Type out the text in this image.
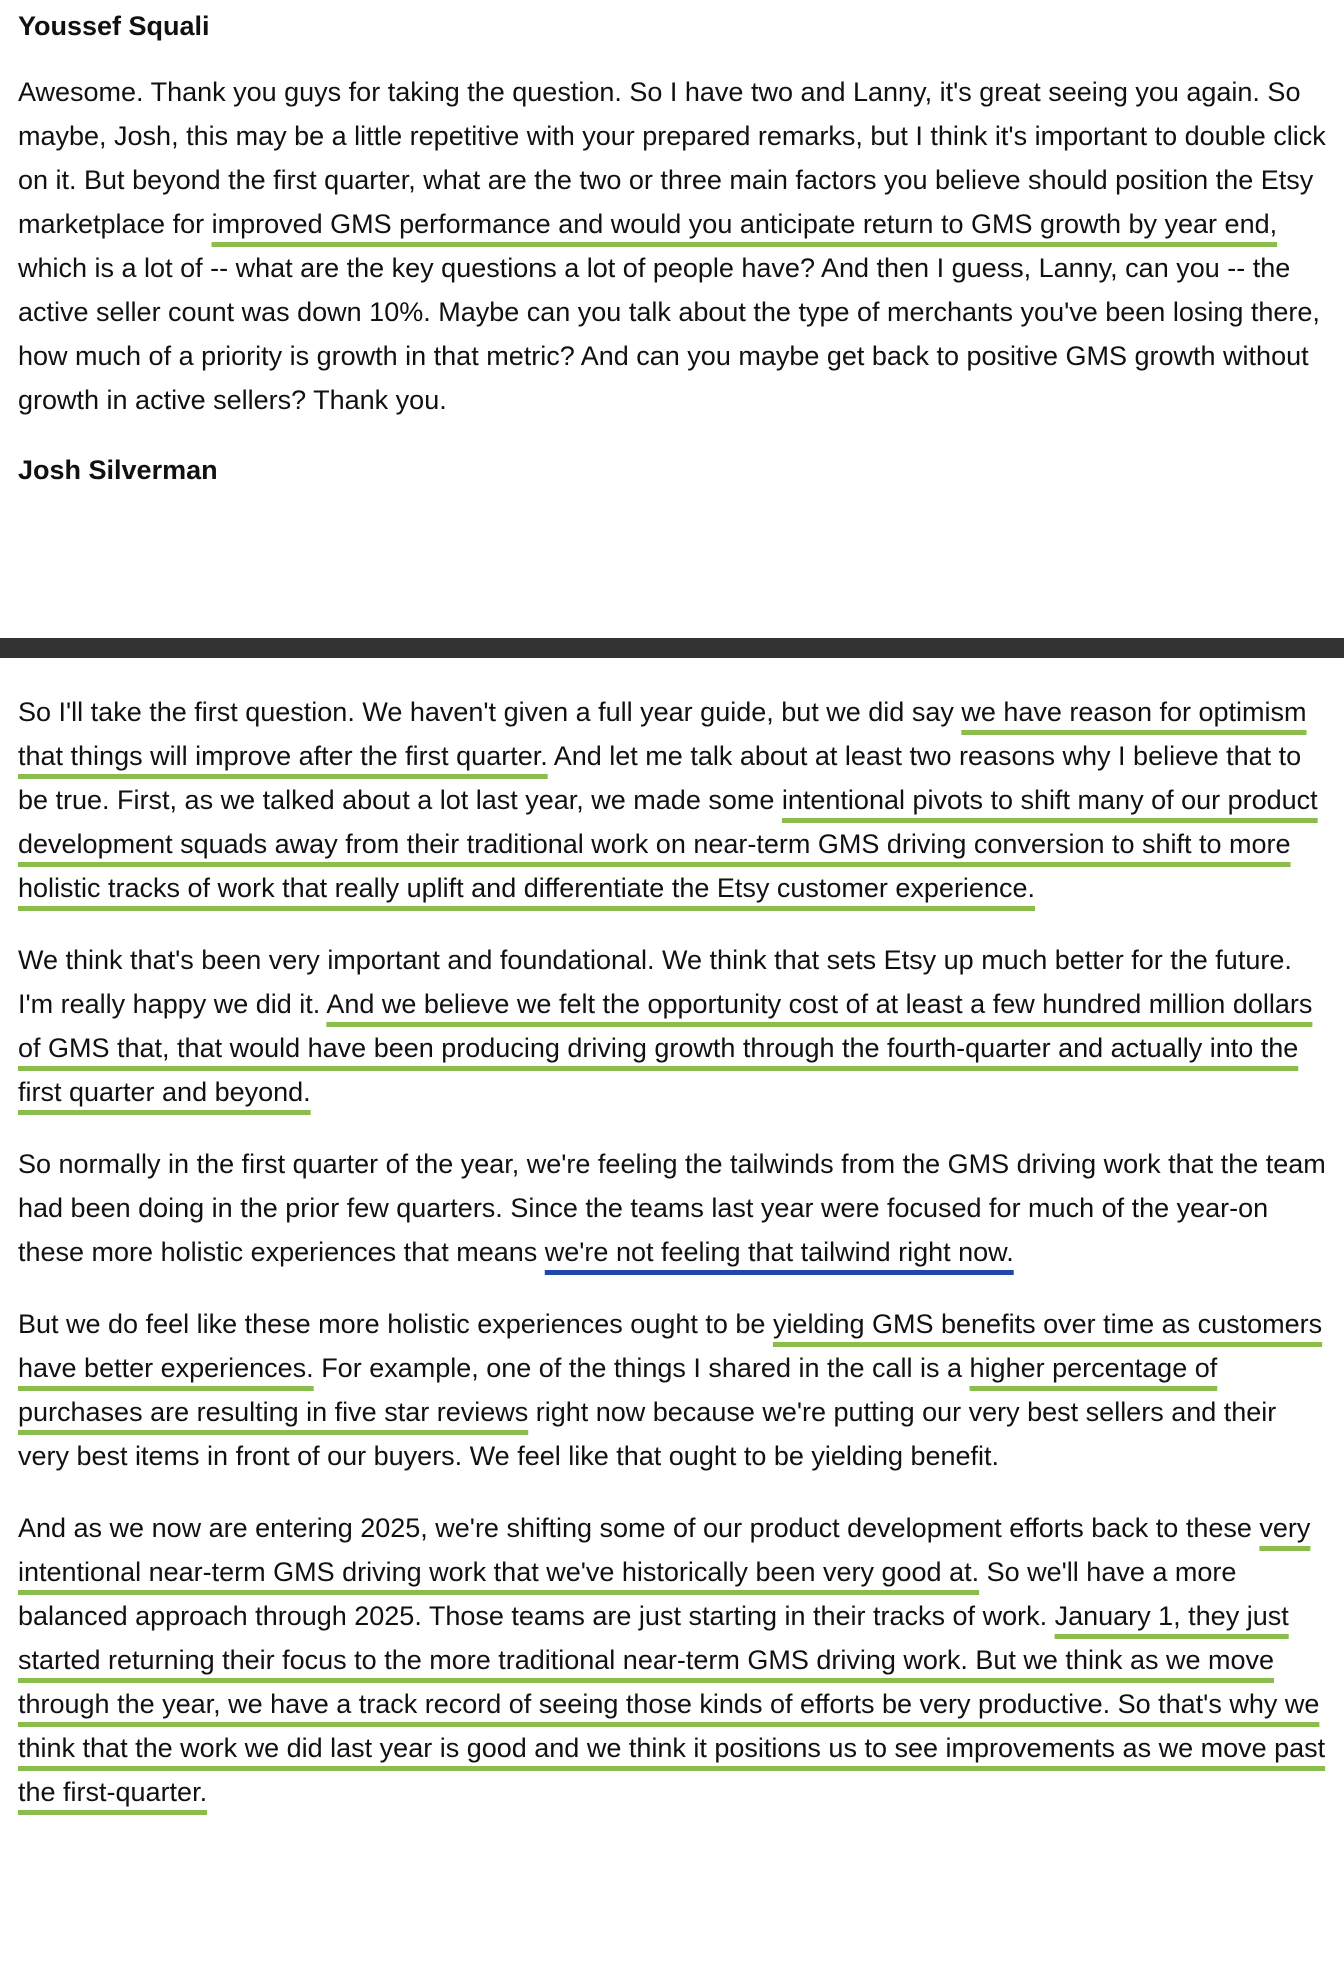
Youssef Squali

Awesome. Thank you guys for taking the question. So I have two and Lanny, it's great seeing you again. So maybe, Josh, this may be a little repetitive with your prepared remarks, but I think it's important to double click on it. But beyond the first quarter, what are the two or three main factors you believe should position the Etsy marketplace for improved GMS performance and would you anticipate return to GMS growth by year end, which is a lot of -- what are the key questions a lot of people have? And then I guess, Lanny, can you -- the active seller count was down 10%. Maybe can you talk about the type of merchants you've been losing there, how much of a priority is growth in that metric? And can you maybe get back to positive GMS growth without growth in active sellers? Thank you.

Josh Silverman

So I'll take the first question. We haven't given a full year guide, but we did say we have reason for optimism that things will improve after the first quarter. And let me talk about at least two reasons why I believe that to be true. First, as we talked about a lot last year, we made some intentional pivots to shift many of our product development squads away from their traditional work on near-term GMS driving conversion to shift to more holistic tracks of work that really uplift and differentiate the Etsy customer experience.

We think that's been very important and foundational. We think that sets Etsy up much better for the future. I'm really happy we did it. And we believe we felt the opportunity cost of at least a few hundred million dollars of GMS that, that would have been producing driving growth through the fourth-quarter and actually into the first quarter and beyond.

So normally in the first quarter of the year, we're feeling the tailwinds from the GMS driving work that the team had been doing in the prior few quarters. Since the teams last year were focused for much of the year-on these more holistic experiences that means we're not feeling that tailwind right now.

But we do feel like these more holistic experiences ought to be yielding GMS benefits over time as customers have better experiences. For example, one of the things I shared in the call is a higher percentage of purchases are resulting in five star reviews right now because we're putting our very best sellers and their very best items in front of our buyers. We feel like that ought to be yielding benefit.

And as we now are entering 2025, we're shifting some of our product development efforts back to these very intentional near-term GMS driving work that we've historically been very good at. So we'll have a more balanced approach through 2025. Those teams are just starting in their tracks of work. January 1, they just started returning their focus to the more traditional near-term GMS driving work. But we think as we move through the year, we have a track record of seeing those kinds of efforts be very productive. So that's why we think that the work we did last year is good and we think it positions us to see improvements as we move past the first-quarter.
